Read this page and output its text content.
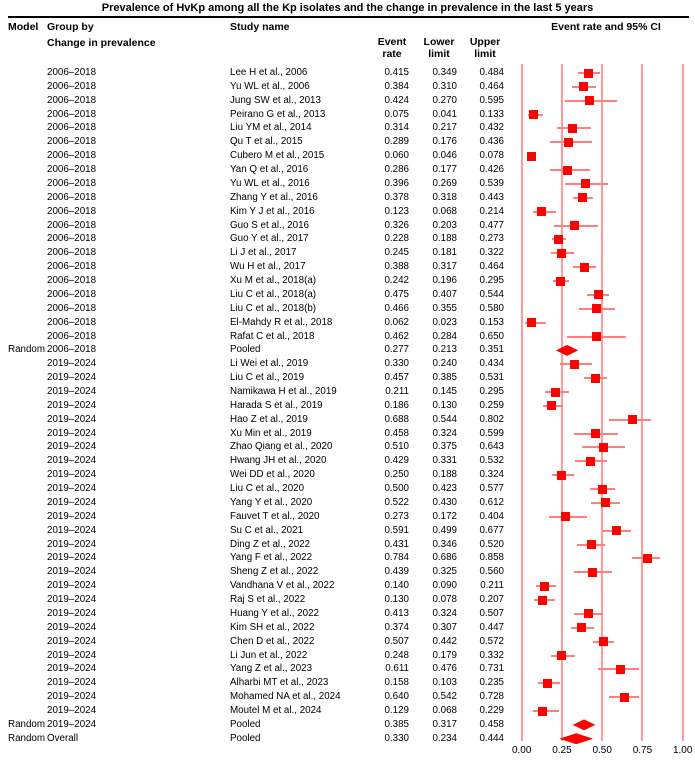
Prevalence of HvKp among all the Kp isolates and the change in prevalence in the last 5 years
Model Group by
Change in prevalence
Study name
Event
rate
Lower
limit
Upper
limit
Event rate and 95% CI
2006–2018	Lee H et al., 2006	0.415	0.349	0.484
2006–2018	Yu WL et al., 2006	0.384	0.310	0.464
2006–2018	Jung SW et al., 2013	0.424	0.270	0.595
2006–2018	Peirano G et al., 2013	0.075	0.041	0.133
2006–2018	Liu YM et al., 2014	0.314	0.217	0.432
2006–2018	Qu T et al., 2015	0.289	0.176	0.436
2006–2018	Cubero M et al., 2015	0.060	0.046	0.078
2006–2018	Yan Q et al., 2016	0.286	0.177	0.426
2006–2018	Yu WL et al., 2016	0.396	0.269	0.539
2006–2018	Zhang Y et al., 2016	0.378	0.318	0.443
2006–2018	Kim Y J et al., 2016	0.123	0.068	0.214
2006–2018	Guo S et al., 2016	0.326	0.203	0.477
2006–2018	Guo Y et al., 2017	0.228	0.188	0.273
2006–2018	Li J et al., 2017	0.245	0.181	0.322
2006–2018	Wu H et al., 2017	0.388	0.317	0.464
2006–2018	Xu M et al., 2018(a)	0.242	0.196	0.295
2006–2018	Liu C et al., 2018(a)	0.475	0.407	0.544
2006–2018	Liu C et al., 2018(b)	0.466	0.355	0.580
2006–2018	El-Mahdy R et al., 2018	0.062	0.023	0.153
2006–2018	Rafat C et al., 2018	0.462	0.284	0.650
Random 2006–2018	Pooled	0.277	0.213	0.351
2019–2024	Li Wei et al., 2019	0.330	0.240	0.434
2019–2024	Liu C et al., 2019	0.457	0.385	0.531
2019–2024	Namikawa H et al., 2019	0.211	0.145	0.295
2019–2024	Harada S et al., 2019	0.186	0.130	0.259
2019–2024	Hao Z et al., 2019	0.688	0.544	0.802
2019–2024	Xu Min et al., 2019	0.458	0.324	0.599
2019–2024	Zhao Qiang et al., 2020	0.510	0.375	0.643
2019–2024	Hwang JH et al., 2020	0.429	0.331	0.532
2019–2024	Wei DD et al., 2020	0.250	0.188	0.324
2019–2024	Liu C et al., 2020	0.500	0.423	0.577
2019–2024	Yang Y et al., 2020	0.522	0.430	0.612
2019–2024	Fauvet T et al., 2020	0.273	0.172	0.404
2019–2024	Su C et al., 2021	0.591	0.499	0.677
2019–2024	Ding Z et al., 2022	0.431	0.346	0.520
2019–2024	Yang F et al., 2022	0.784	0.686	0.858
2019–2024	Sheng Z et al., 2022	0.439	0.325	0.560
2019–2024	Vandhana V et al., 2022	0.140	0.090	0.211
2019–2024	Raj S et al., 2022	0.130	0.078	0.207
2019–2024	Huang Y et al., 2022	0.413	0.324	0.507
2019–2024	Kim SH et al., 2022	0.374	0.307	0.447
2019–2024	Chen D et al., 2022	0.507	0.442	0.572
2019–2024	Li Jun et al., 2022	0.248	0.179	0.332
2019–2024	Yang Z et al., 2023	0.611	0.476	0.731
2019–2024	Alharbi MT et al., 2023	0.158	0.103	0.235
2019–2024	Mohamed NA et al., 2024	0.640	0.542	0.728
2019–2024	Moutel M et al., 2024	0.129	0.068	0.229
Random 2019–2024	Pooled	0.385	0.317	0.458
Random Overall	Pooled	0.330	0.234	0.444
0.00	0.25	0.50	0.75	1.00
